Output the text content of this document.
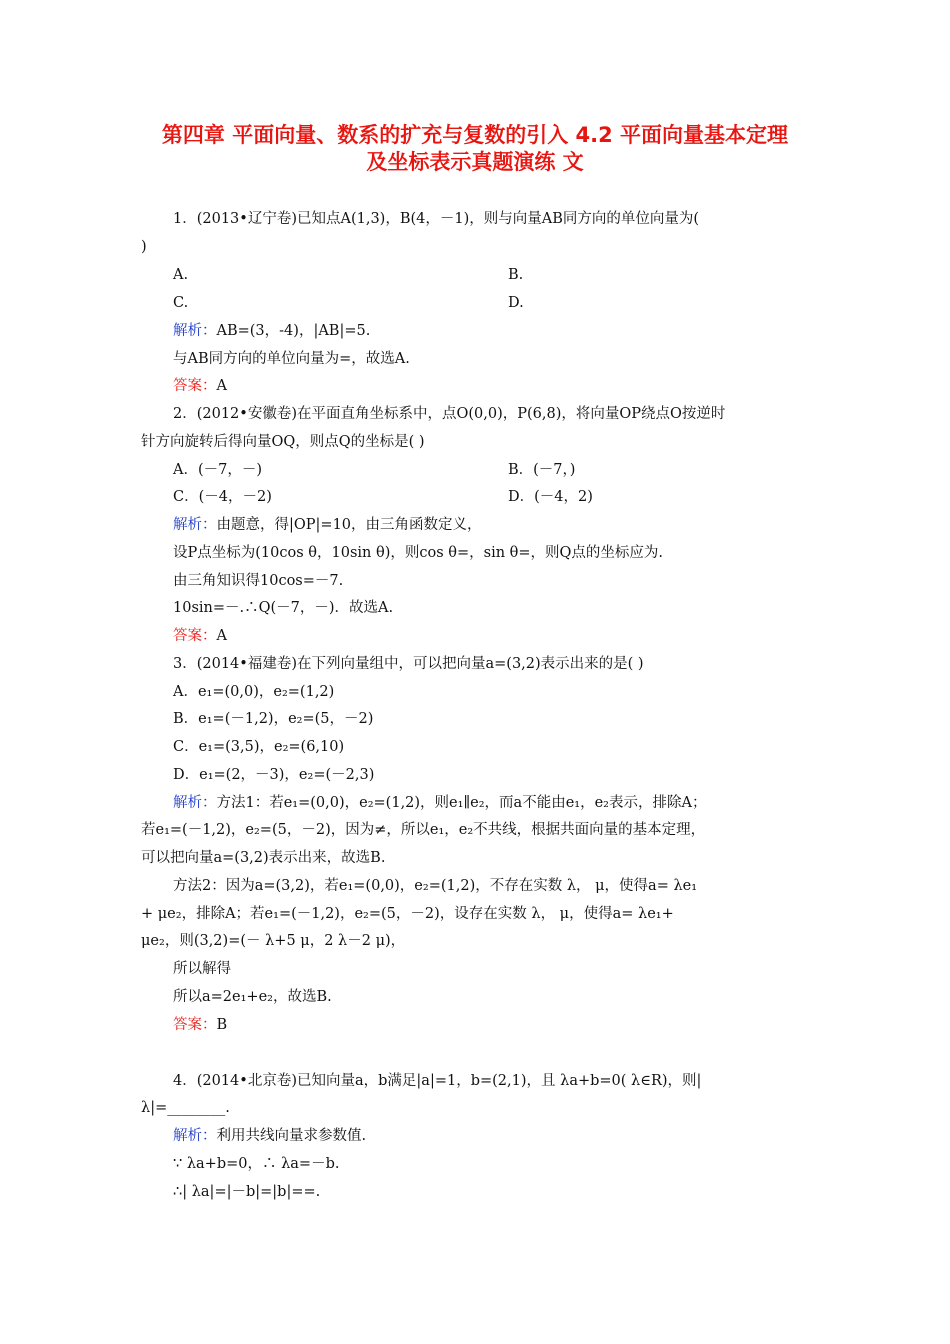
第四章 平面向量、数系的扩充与复数的引入 4.2 平面向量基本定理
及坐标表示真题演练 文
1．(2013•辽宁卷)已知点A(1,3)，B(4，－1)，则与向量AB同方向的单位向量为(
)
A.	B.
C.	D.
解析：AB=(3，-4)，|AB|=5.
与AB同方向的单位向量为=，故选A.
答案：A
2．(2012•安徽卷)在平面直角坐标系中，点O(0,0)，P(6,8)，将向量OP绕点O按逆时
针方向旋转后得向量OQ，则点Q的坐标是( )
A．(－7，－)	B．(－7，)
C．(－4，－2)	D．(－4，2)
解析：由题意，得|OP|=10，由三角函数定义，
设P点坐标为(10cos θ，10sin θ)，则cos θ=，sin θ=，则Q点的坐标应为.
由三角知识得10cos=－7.
10sin=－.∴Q(－7，－)．故选A.
答案：A
3．(2014•福建卷)在下列向量组中，可以把向量a=(3,2)表示出来的是( )
A．e₁=(0,0)，e₂=(1,2)
B．e₁=(－1,2)，e₂=(5，－2)
C．e₁=(3,5)，e₂=(6,10)
D．e₁=(2，－3)，e₂=(－2,3)
解析：方法1：若e₁=(0,0)，e₂=(1,2)，则e₁∥e₂，而a不能由e₁，e₂表示，排除A；
若e₁=(－1,2)，e₂=(5，－2)，因为≠，所以e₁，e₂不共线，根据共面向量的基本定理，
可以把向量a=(3,2)表示出来，故选B.
方法2：因为a=(3,2)，若e₁=(0,0)，e₂=(1,2)，不存在实数 λ， μ，使得a= λe₁
+ μe₂，排除A；若e₁=(－1,2)，e₂=(5，－2)，设存在实数 λ， μ，使得a= λe₁+
μe₂，则(3,2)=(－ λ+5 μ，2 λ－2 μ)，
所以解得
所以a=2e₁+e₂，故选B.
答案：B
4．(2014•北京卷)已知向量a，b满足|a|=1，b=(2,1)，且 λa+b=0( λ∈R)，则|
λ|=________.
解析：利用共线向量求参数值.
∵ λa+b=0，∴ λa=－b.
∴| λa|=|－b|=|b|==.
